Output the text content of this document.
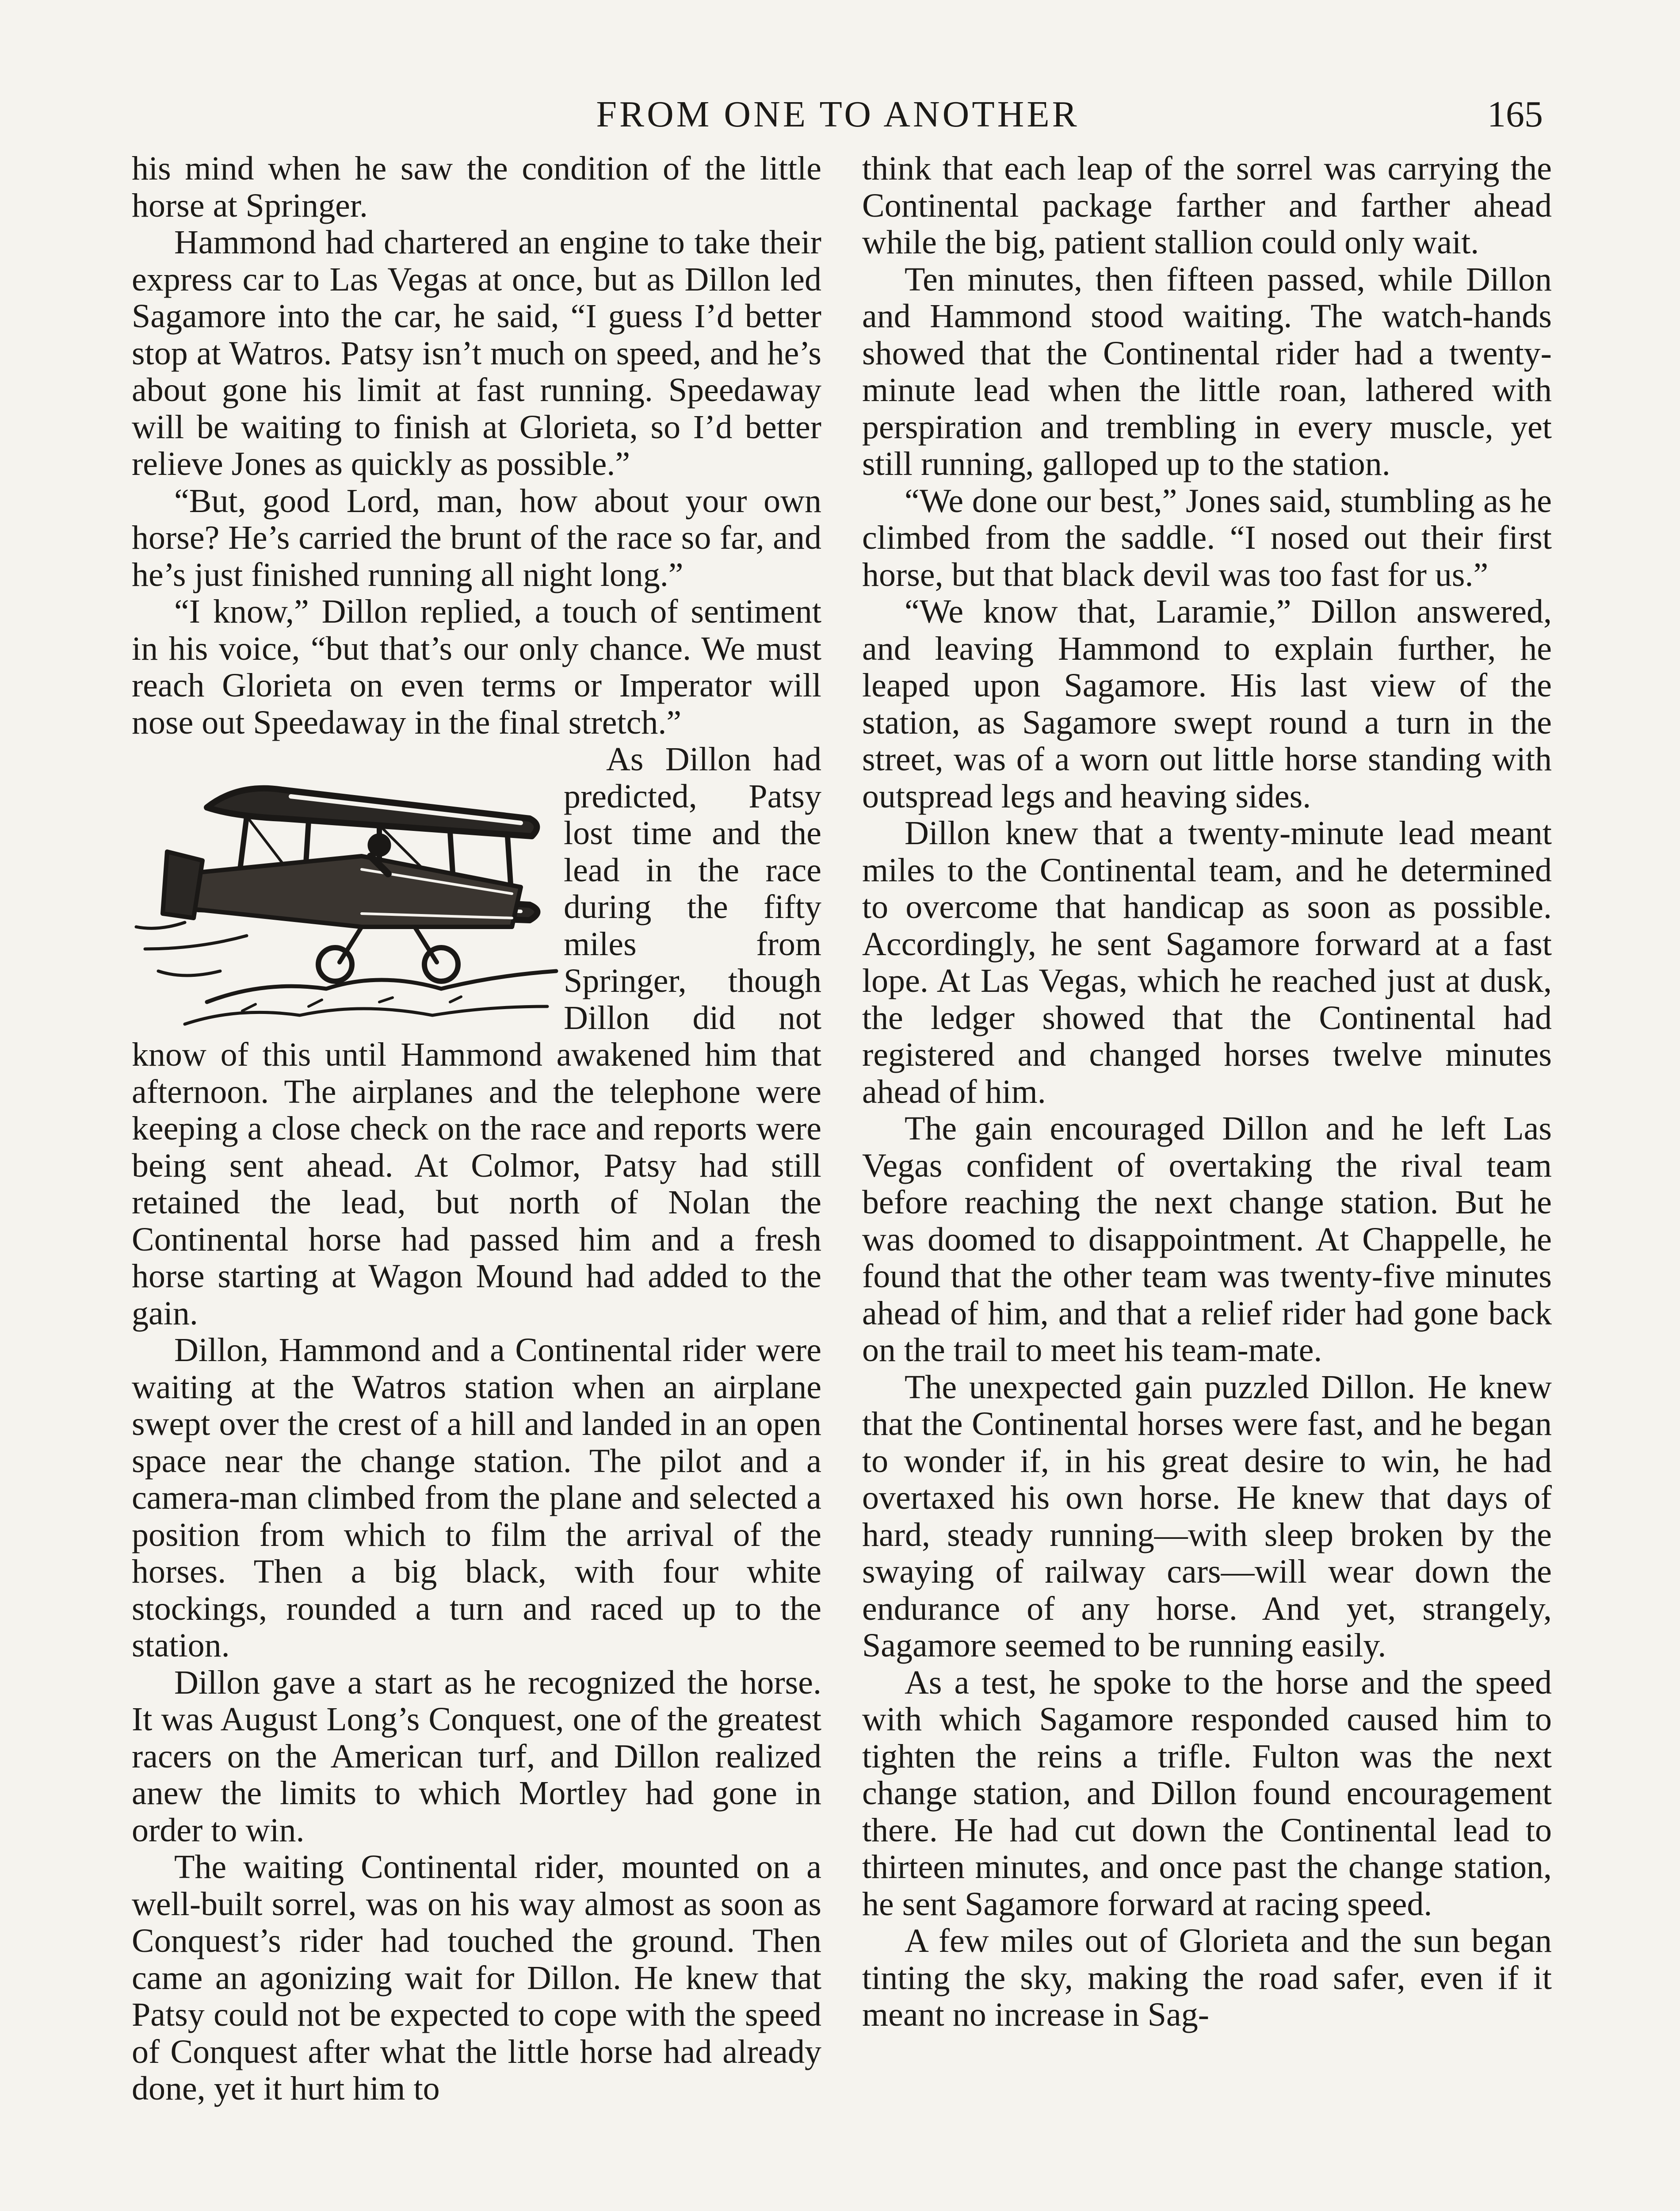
FROM ONE TO ANOTHER	165

his mind when he saw the condition of the little horse at Springer.

Hammond had chartered an engine to take their express car to Las Vegas at once, but as Dillon led Sagamore into the car, he said, “I guess I’d better stop at Watros. Patsy isn’t much on speed, and he’s about gone his limit at fast running. Speedaway will be waiting to finish at Glorieta, so I’d better relieve Jones as quickly as possible.”

“But, good Lord, man, how about your own horse? He’s carried the brunt of the race so far, and he’s just finished running all night long.”

“I know,” Dillon replied, a touch of sentiment in his voice, “but that’s our only chance. We must reach Glorieta on even terms or Imperator will nose out Speedaway in the final stretch.”

As Dillon had predicted, Patsy lost time and the lead in the race during the fifty miles from Springer, though Dillon did not know of this until Hammond awakened him that afternoon. The airplanes and the telephone were keeping a close check on the race and reports were being sent ahead. At Colmor, Patsy had still retained the lead, but north of Nolan the Continental horse had passed him and a fresh horse starting at Wagon Mound had added to the gain.

Dillon, Hammond and a Continental rider were waiting at the Watros station when an airplane swept over the crest of a hill and landed in an open space near the change station. The pilot and a camera-man climbed from the plane and selected a position from which to film the arrival of the horses. Then a big black, with four white stockings, rounded a turn and raced up to the station.

Dillon gave a start as he recognized the horse. It was August Long’s Conquest, one of the greatest racers on the American turf, and Dillon realized anew the limits to which Mortley had gone in order to win.

The waiting Continental rider, mounted on a well-built sorrel, was on his way almost as soon as Conquest’s rider had touched the ground. Then came an agonizing wait for Dillon. He knew that Patsy could not be expected to cope with the speed of Conquest after what the little horse had already done, yet it hurt him to

think that each leap of the sorrel was carrying the Continental package farther and farther ahead while the big, patient stallion could only wait.

Ten minutes, then fifteen passed, while Dillon and Hammond stood waiting. The watch-hands showed that the Continental rider had a twenty-minute lead when the little roan, lathered with perspiration and trembling in every muscle, yet still running, galloped up to the station.

“We done our best,” Jones said, stumbling as he climbed from the saddle. “I nosed out their first horse, but that black devil was too fast for us.”

“We know that, Laramie,” Dillon answered, and leaving Hammond to explain further, he leaped upon Sagamore. His last view of the station, as Sagamore swept round a turn in the street, was of a worn out little horse standing with outspread legs and heaving sides.

Dillon knew that a twenty-minute lead meant miles to the Continental team, and he determined to overcome that handicap as soon as possible. Accordingly, he sent Sagamore forward at a fast lope. At Las Vegas, which he reached just at dusk, the ledger showed that the Continental had registered and changed horses twelve minutes ahead of him.

The gain encouraged Dillon and he left Las Vegas confident of overtaking the rival team before reaching the next change station. But he was doomed to disappointment. At Chappelle, he found that the other team was twenty-five minutes ahead of him, and that a relief rider had gone back on the trail to meet his team-mate.

The unexpected gain puzzled Dillon. He knew that the Continental horses were fast, and he began to wonder if, in his great desire to win, he had overtaxed his own horse. He knew that days of hard, steady running—with sleep broken by the swaying of railway cars—will wear down the endurance of any horse. And yet, strangely, Sagamore seemed to be running easily.

As a test, he spoke to the horse and the speed with which Sagamore responded caused him to tighten the reins a trifle. Fulton was the next change station, and Dillon found encouragement there. He had cut down the Continental lead to thirteen minutes, and once past the change station, he sent Sagamore forward at racing speed.

A few miles out of Glorieta and the sun began tinting the sky, making the road safer, even if it meant no increase in Sag-
